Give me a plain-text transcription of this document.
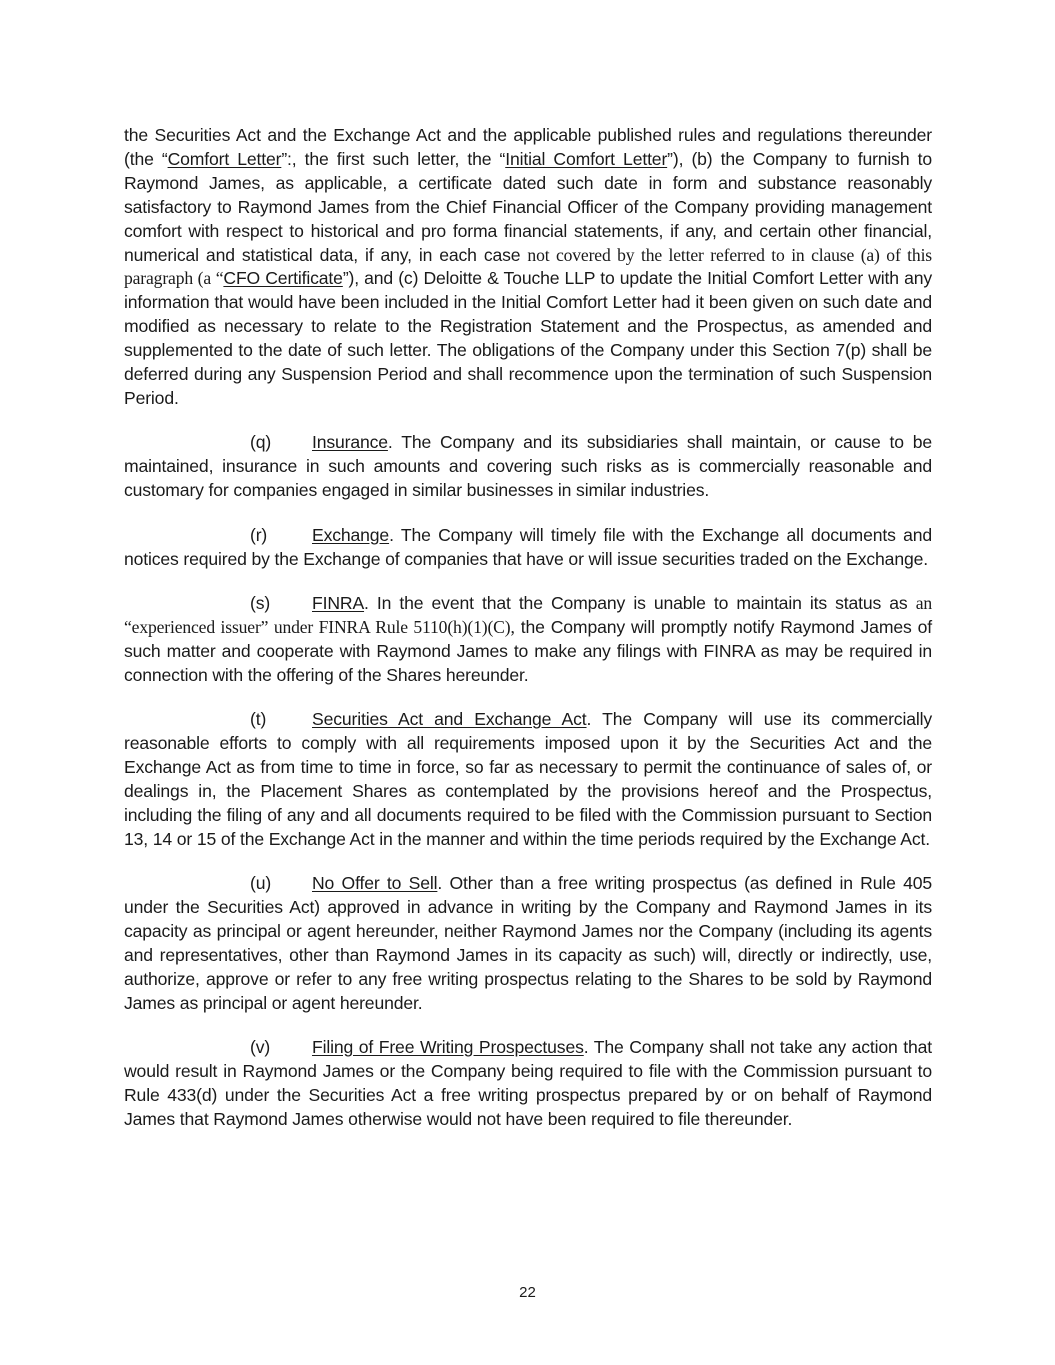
the Securities Act and the Exchange Act and the applicable published rules and regulations thereunder (the “Comfort Letter”:, the first such letter, the “Initial Comfort Letter”), (b) the Company to furnish to Raymond James, as applicable, a certificate dated such date in form and substance reasonably satisfactory to Raymond James from the Chief Financial Officer of the Company providing management comfort with respect to historical and pro forma financial statements, if any, and certain other financial, numerical and statistical data, if any, in each case not covered by the letter referred to in clause (a) of this paragraph (a “CFO Certificate”), and (c) Deloitte & Touche LLP to update the Initial Comfort Letter with any information that would have been included in the Initial Comfort Letter had it been given on such date and modified as necessary to relate to the Registration Statement and the Prospectus, as amended and supplemented to the date of such letter. The obligations of the Company under this Section 7(p) shall be deferred during any Suspension Period and shall recommence upon the termination of such Suspension Period.

(q) Insurance. The Company and its subsidiaries shall maintain, or cause to be maintained, insurance in such amounts and covering such risks as is commercially reasonable and customary for companies engaged in similar businesses in similar industries.

(r)	Exchange. The Company will timely file with the Exchange all documents and notices required by the Exchange of companies that have or will issue securities traded on the Exchange.

(s) FINRA. In the event that the Company is unable to maintain its status as an “experienced issuer” under FINRA Rule 5110(h)(1)(C), the Company will promptly notify Raymond James of such matter and cooperate with Raymond James to make any filings with FINRA as may be required in connection with the offering of the Shares hereunder.

(t)	Securities Act and Exchange Act. The Company will use its commercially reasonable efforts to comply with all requirements imposed upon it by the Securities Act and the Exchange Act as from time to time in force, so far as necessary to permit the continuance of sales of, or dealings in, the Placement Shares as contemplated by the provisions hereof and the Prospectus, including the filing of any and all documents required to be filed with the Commission pursuant to Section 13, 14 or 15 of the Exchange Act in the manner and within the time periods required by the Exchange Act.

(u) No Offer to Sell. Other than a free writing prospectus (as defined in Rule 405 under the Securities Act) approved in advance in writing by the Company and Raymond James in its capacity as principal or agent hereunder, neither Raymond James nor the Company (including its agents and representatives, other than Raymond James in its capacity as such) will, directly or indirectly, use, authorize, approve or refer to any free writing prospectus relating to the Shares to be sold by Raymond James as principal or agent hereunder.

(v) Filing of Free Writing Prospectuses. The Company shall not take any action that would result in Raymond James or the Company being required to file with the Commission pursuant to Rule 433(d) under the Securities Act a free writing prospectus prepared by or on behalf of Raymond James that Raymond James otherwise would not have been required to file thereunder.

22
